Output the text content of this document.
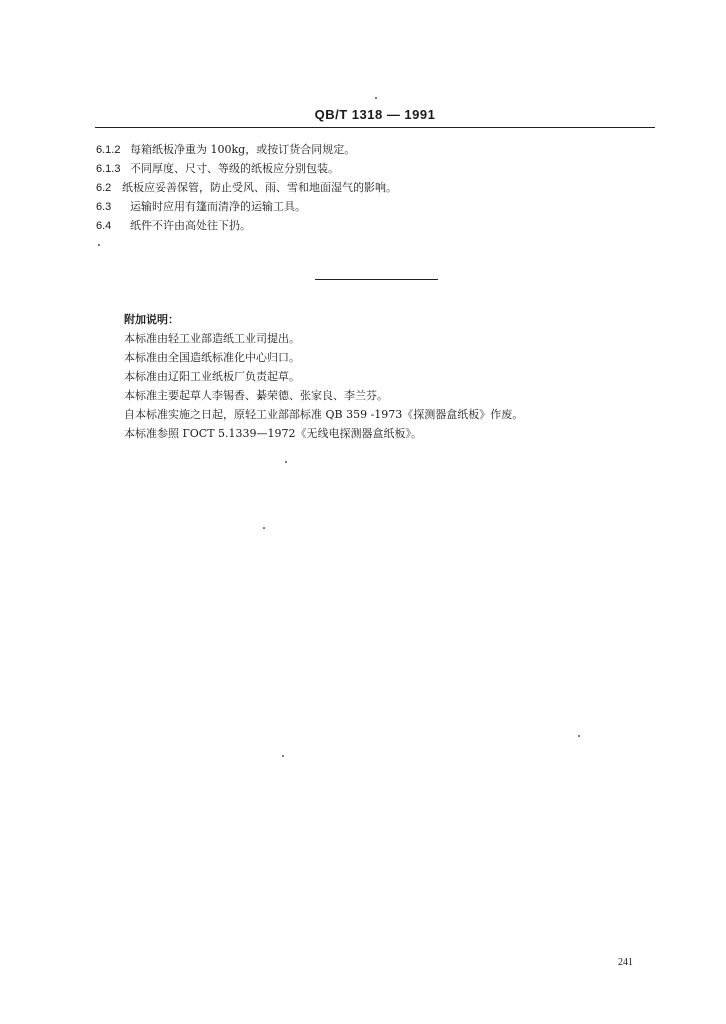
QB/T 1318 — 1991
6.1.2 每箱纸板净重为 100kg，或按订货合同规定。
6.1.3 不同厚度、尺寸、等级的纸板应分别包装。
6.2 纸板应妥善保管，防止受风、雨、雪和地面湿气的影响。
6.3 运输时应用有篷而清净的运输工具。
6.4 纸件不许由高处往下扔。
附加说明：
本标准由轻工业部造纸工业司提出。
本标准由全国造纸标准化中心归口。
本标准由辽阳工业纸板厂负责起草。
本标准主要起草人李锡香、綦荣德、张家良、李兰芬。
自本标准实施之日起，原轻工业部部标准 QB 359 -1973《探测器盒纸板》作废。
本标准参照 ГОСТ 5.1339—1972《无线电探测器盒纸板》。
241
